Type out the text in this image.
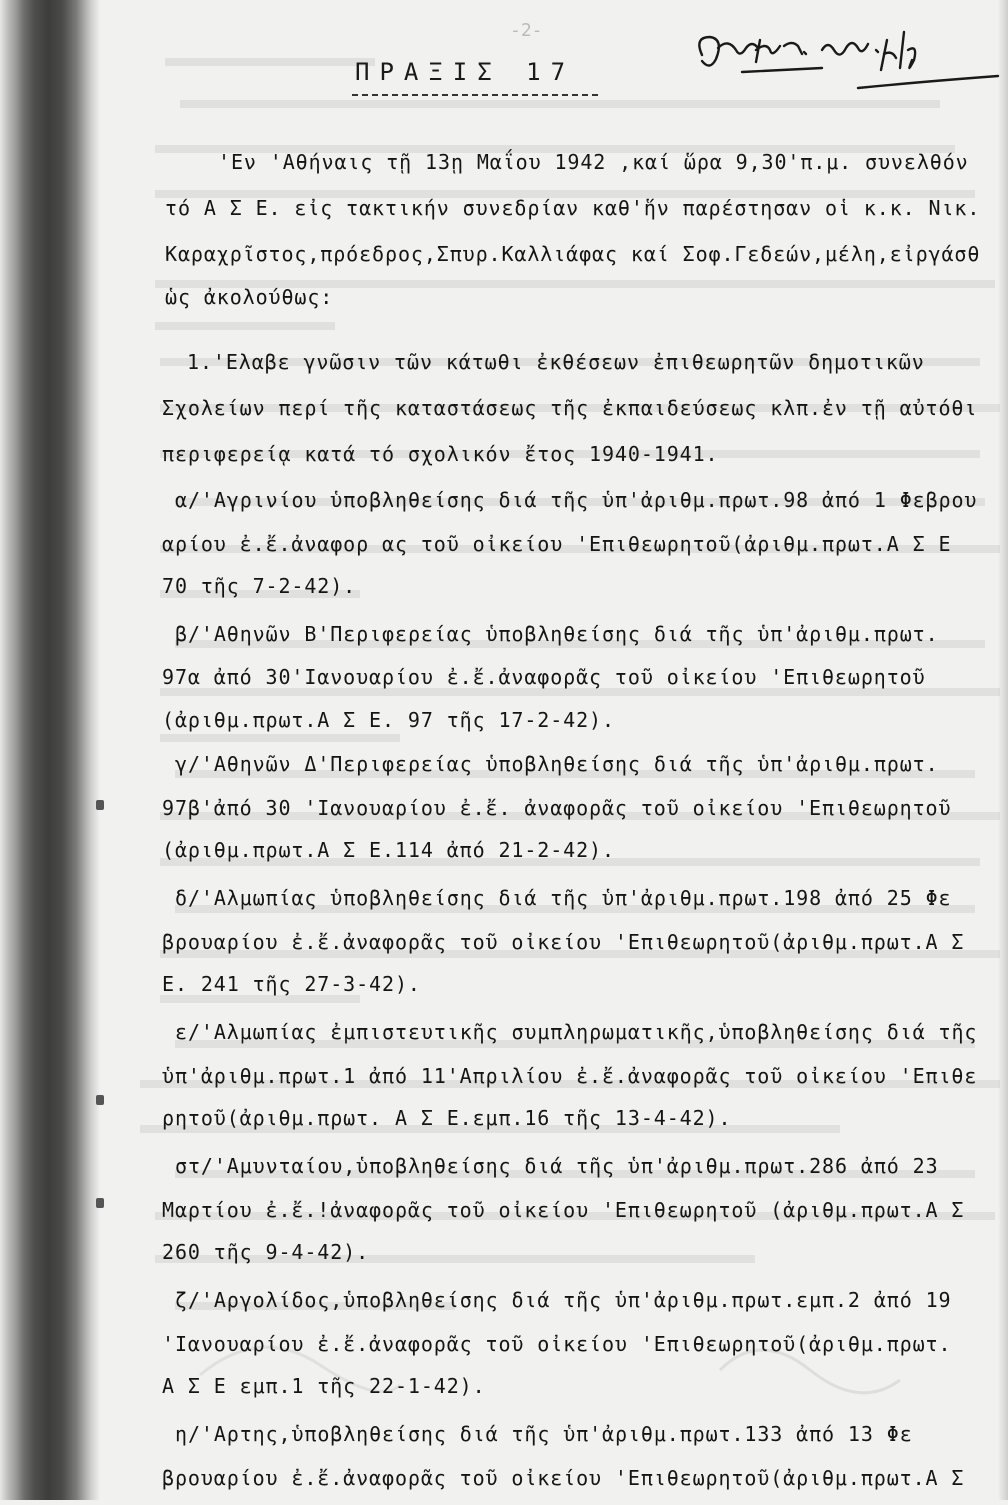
-2-
ΠΡΑΞΙΣ 17
'Εν 'Αθήναις τῇ 13ῃ Μαΐου 1942 ,καί ὥρα 9,30'π.μ. συνελθόν
τό Α Σ Ε. εἰς τακτικήν συνεδρίαν καθ'ἥν παρέστησαν οἱ κ.κ. Νικ.
Καραχρῖστος,πρόεδρος,Σπυρ.Καλλιάφας καί Σοφ.Γεδεών,μέλη,εἰργάσθ
ὡς ἀκολούθως:
1.'Ελαβε γνῶσιν τῶν κάτωθι ἐκθέσεων ἐπιθεωρητῶν δημοτικῶν
Σχολείων περί τῆς καταστάσεως τῆς ἐκπαιδεύσεως κλπ.ἐν τῇ αὐτόθι
περιφερείᾳ κατά τό σχολικόν ἔτος 1940-1941.
α/'Αγρινίου ὑποβληθείσης διά τῆς ὑπ'ἀριθμ.πρωτ.98 ἀπό 1 Φεβρου
αρίου ἐ.ἔ.ἀναφορ ας τοῦ οἰκείου 'Επιθεωρητοῦ(ἀριθμ.πρωτ.Α Σ Ε
70 τῆς 7-2-42).
β/'Αθηνῶν Β'Περιφερείας ὑποβληθείσης διά τῆς ὑπ'ἀριθμ.πρωτ.
97α ἀπό 30'Ιανουαρίου ἐ.ἔ.ἀναφορᾶς τοῦ οἰκείου 'Επιθεωρητοῦ
(ἀριθμ.πρωτ.Α Σ Ε. 97 τῆς 17-2-42).
γ/'Αθηνῶν Δ'Περιφερείας ὑποβληθείσης διά τῆς ὑπ'ἀριθμ.πρωτ.
97β'ἀπό 30 'Ιανουαρίου ἐ.ἔ. ἀναφορᾶς τοῦ οἰκείου 'Επιθεωρητοῦ
(ἀριθμ.πρωτ.Α Σ Ε.114 ἀπό 21-2-42).
δ/'Αλμωπίας ὑποβληθείσης διά τῆς ὑπ'ἀριθμ.πρωτ.198 ἀπό 25 Φε
βρουαρίου ἐ.ἔ.ἀναφορᾶς τοῦ οἰκείου 'Επιθεωρητοῦ(ἀριθμ.πρωτ.Α Σ
Ε. 241 τῆς 27-3-42).
ε/'Αλμωπίας ἐμπιστευτικῆς συμπληρωματικῆς,ὑποβληθείσης διά τῆς
ὑπ'ἀριθμ.πρωτ.1 ἀπό 11'Απριλίου ἐ.ἔ.ἀναφορᾶς τοῦ οἰκείου 'Επιθε
ρητοῦ(ἀριθμ.πρωτ. Α Σ Ε.εμπ.16 τῆς 13-4-42).
στ/'Αμυνταίου,ὑποβληθείσης διά τῆς ὑπ'ἀριθμ.πρωτ.286 ἀπό 23
Μαρτίου ἐ.ἔ.!ἀναφορᾶς τοῦ οἰκείου 'Επιθεωρητοῦ (ἀριθμ.πρωτ.Α Σ
260 τῆς 9-4-42).
ζ/'Αργολίδος,ὑποβληθείσης διά τῆς ὑπ'ἀριθμ.πρωτ.εμπ.2 ἀπό 19
'Ιανουαρίου ἐ.ἔ.ἀναφορᾶς τοῦ οἰκείου 'Επιθεωρητοῦ(ἀριθμ.πρωτ.
Α Σ Ε εμπ.1 τῆς 22-1-42).
η/'Αρτης,ὑποβληθείσης διά τῆς ὑπ'ἀριθμ.πρωτ.133 ἀπό 13 Φε
βρουαρίου ἐ.ἔ.ἀναφορᾶς τοῦ οἰκείου 'Επιθεωρητοῦ(ἀριθμ.πρωτ.Α Σ
